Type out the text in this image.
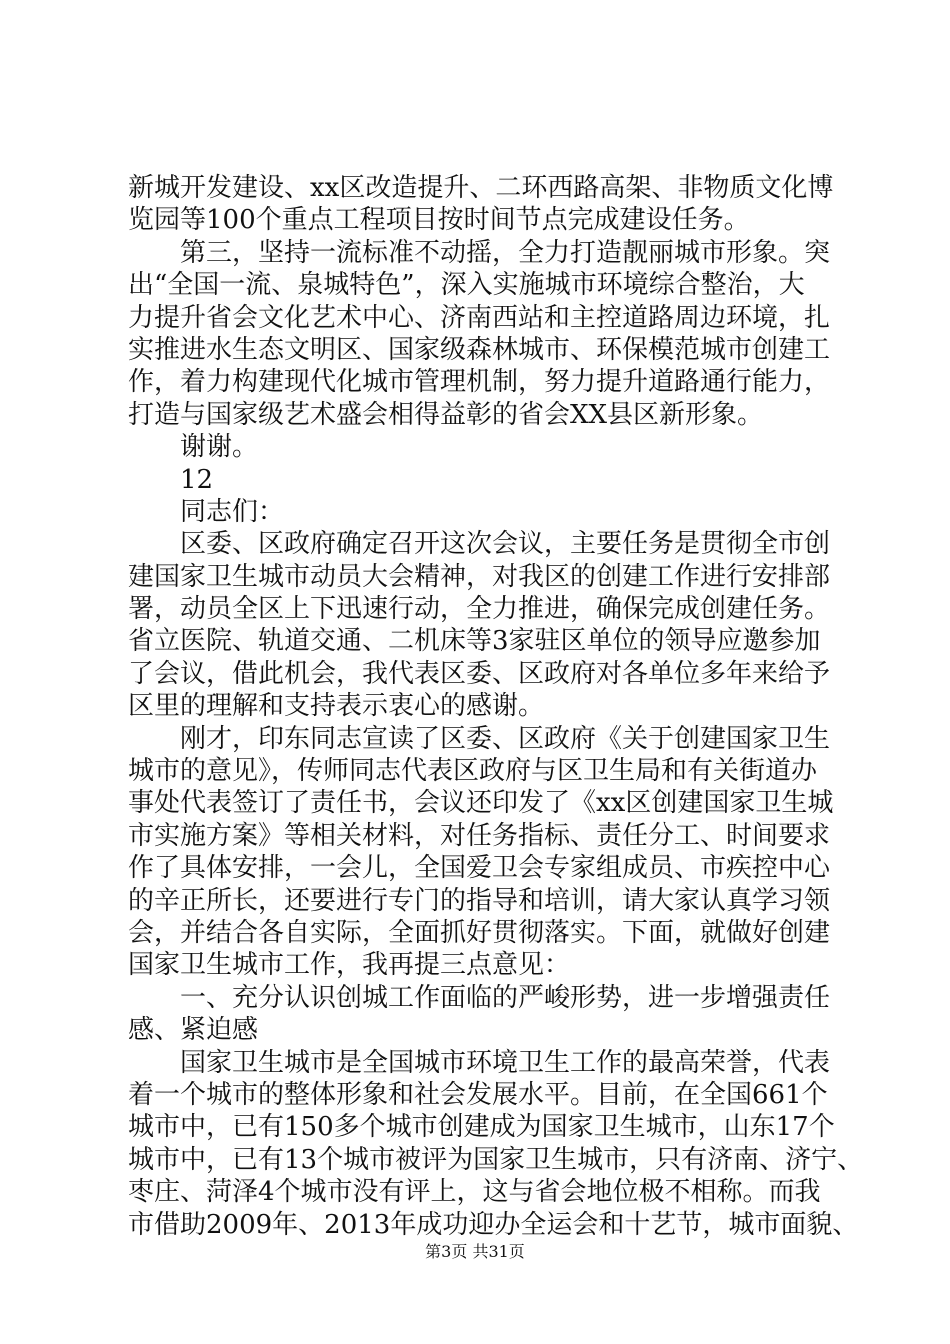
新城开发建设、xx区改造提升、二环西路高架、非物质文化博
览园等100个重点工程项目按时间节点完成建设任务。
第三，坚持一流标准不动摇，全力打造靓丽城市形象。突
出“全国一流、泉城特色”，深入实施城市环境综合整治，大
力提升省会文化艺术中心、济南西站和主控道路周边环境，扎
实推进水生态文明区、国家级森林城市、环保模范城市创建工
作，着力构建现代化城市管理机制，努力提升道路通行能力，
打造与国家级艺术盛会相得益彰的省会XX县区新形象。
谢谢。
12
同志们：
区委、区政府确定召开这次会议，主要任务是贯彻全市创
建国家卫生城市动员大会精神，对我区的创建工作进行安排部
署，动员全区上下迅速行动，全力推进，确保完成创建任务。
省立医院、轨道交通、二机床等3家驻区单位的领导应邀参加
了会议，借此机会，我代表区委、区政府对各单位多年来给予
区里的理解和支持表示衷心的感谢。
刚才，印东同志宣读了区委、区政府《关于创建国家卫生
城市的意见》，传师同志代表区政府与区卫生局和有关街道办
事处代表签订了责任书，会议还印发了《xx区创建国家卫生城
市实施方案》等相关材料，对任务指标、责任分工、时间要求
作了具体安排，一会儿，全国爱卫会专家组成员、市疾控中心
的辛正所长，还要进行专门的指导和培训，请大家认真学习领
会，并结合各自实际，全面抓好贯彻落实。下面，就做好创建
国家卫生城市工作，我再提三点意见：
一、充分认识创城工作面临的严峻形势，进一步增强责任
感、紧迫感
国家卫生城市是全国城市环境卫生工作的最高荣誉，代表
着一个城市的整体形象和社会发展水平。目前，在全国661个
城市中，已有150多个城市创建成为国家卫生城市，山东17个
城市中，已有13个城市被评为国家卫生城市，只有济南、济宁、
枣庄、菏泽4个城市没有评上，这与省会地位极不相称。而我
市借助2009年、2013年成功迎办全运会和十艺节，城市面貌、
第3页 共31页
